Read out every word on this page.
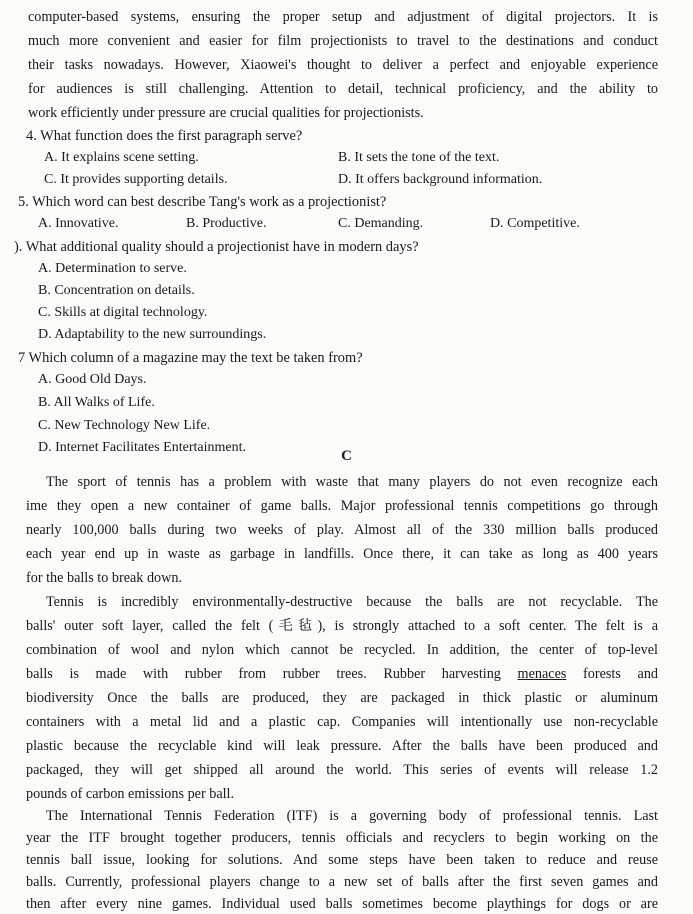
computer-based systems, ensuring the proper setup and adjustment of digital projectors. It is
much more convenient and easier for film projectionists to travel to the destinations and conduct
their tasks nowadays. However, Xiaowei's thought to deliver a perfect and enjoyable experience
for audiences is still challenging. Attention to detail, technical proficiency, and the ability to
work efficiently under pressure are crucial qualities for projectionists.
4. What function does the first paragraph serve?
A. It explains scene setting.	B. It sets the tone of the text.
C. It provides supporting details.	D. It offers background information.
5. Which word can best describe Tang's work as a projectionist?
A. Innovative.	B. Productive.	C. Demanding.	D. Competitive.
). What additional quality should a projectionist have in modern days?
A. Determination to serve.
B. Concentration on details.
C. Skills at digital technology.
D. Adaptability to the new surroundings.
7 Which column of a magazine may the text be taken from?
A. Good Old Days.
B. All Walks of Life.
C. New Technology New Life.
D. Internet Facilitates Entertainment.
C
The sport of tennis has a problem with waste that many players do not even recognize each
ime they open a new container of game balls. Major professional tennis competitions go through
nearly 100,000 balls during two weeks of play. Almost all of the 330 million balls produced
each year end up in waste as garbage in landfills. Once there, it can take as long as 400 years
for the balls to break down.
Tennis is incredibly environmentally-destructive because the balls are not recyclable. The
balls' outer soft layer, called the felt (毛毡), is strongly attached to a soft center. The felt is a
combination of wool and nylon which cannot be recycled. In addition, the center of top-level
balls is made with rubber from rubber trees. Rubber harvesting menaces forests and
biodiversity Once the balls are produced, they are packaged in thick plastic or aluminum
containers with a metal lid and a plastic cap. Companies will intentionally use non-recyclable
plastic because the recyclable kind will leak pressure. After the balls have been produced and
packaged, they will get shipped all around the world. This series of events will release 1.2
pounds of carbon emissions per ball.
The International Tennis Federation (ITF) is a governing body of professional tennis. Last
year the ITF brought together producers, tennis officials and recyclers to begin working on the
tennis ball issue, looking for solutions. And some steps have been taken to reduce and reuse
balls. Currently, professional players change to a new set of balls after the first seven games and
then after every nine games. Individual used balls sometimes become playthings for dogs or are
